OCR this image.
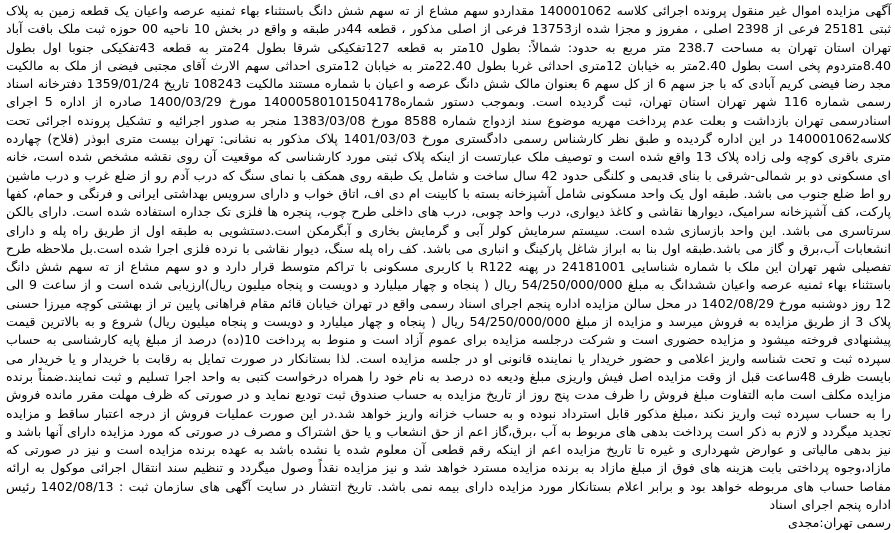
آگهی مزایده اموال غیر منقول پرونده اجرائی کلاسه 140001062 مقداردو سهم مشاع از ته سهم شش دانگ باستثناء بهاء ثمنیه عرصه واعیان یک قطعه زمین به پلاک ثبتی 25181 فرعی از 2398 اصلی ، مفروز و مجزا شده از13753 فرعی از اصلی مذکور ، قطعه 44در طبقه و واقع در بخش 10 ناحیه 00 حوزه ثبت ملک بافت آباد تهران استان تهران به مساحت 238.7 متر مربع به حدود: شمالاً: بطول 10متر به قطعه 127تفکیکی شرقا بطول 24متر به قطعه 43تفکیکی جنوبا اول بطول 8.40متردوم پخی است بطول 2.40متر به خیابان 12متری احداثی غربا بطول 22.40متر به خیابان 12متری احداثی سهم الارث آقای مجتبی فیضی از ملک به مالکیت مجد رضا فیضی کریم آبادی که با جز سهم 6 از کل سهم 6 بعنوان مالک شش دانگ عرصه و اعیان با شماره مستند مالکیت 108243 تاریخ 1359/01/24 دفترخانه اسناد رسمی شماره 116 شهر تهران استان تهران، ثبت گردیده است. وبموجب دستور شماره14000580101504178 مورخ 1400/03/29 صادره از اداره 5 اجرای اسنادرسمی تهران بازداشت و بعلت عدم پرداخت مهریه موضوع سند ازدواج شماره 8588 مورخ 1383/03/08 منجر به صدور اجرائیه و تشکیل پرونده اجرائی تحت کلاسه140001062 در این اداره گردیده و طبق نظر کارشناس رسمی دادگستری مورخ 1401/03/03 پلاک مذکور به نشانی: تهران بیست متری ابوذر (فلاح) چهارده متری باقری کوچه ولی زاده پلاک 13 واقع شده است و توصیف ملک عبارتست از اینکه پلاک ثبتی مورد کارشناسی که موقعیت آن روی نقشه مشخص شده است، خانه ای مسکونی دو بر شمالی-شرقی با بنای قدیمی و کلنگی حدود 42 سال ساخت و شامل یک طبقه روی همکف با نمای سنگ که درب آدم رو از ضلع غرب و درب ماشین رو اط ضلع جنوب می باشد. طبقه اول یک واحد مسکونی شامل آشپزخانه بسته با کابینت ام دی اف، اتاق خواب و دارای سرویس بهداشتی ایرانی و فرنگی و حمام، کفها پارکت، کف آشپزخانه سرامیک، دیوارها نقاشی و کاغذ دیواری، درب واحد چوبی، درب های داخلی طرح چوب، پنجره ها فلزی تک جداره استفاده شده است. دارای بالکن سرتاسری می باشد. این واحد بازسازی شده است. سیستم سرمایش کولر آبی و گرمایش بخاری و آبگرمکن است.دستشویی به طبقه اول از طریق راه پله و دارای انشعابات آب،برق و گاز می باشد.طبقه اول بنا به ابراز شاغل پارکینگ و انباری می باشد. کف راه پله سنگ، دیوار نقاشی با نرده فلزی اجرا شده است.بل ملاحظه طرح تفصیلی شهر تهران این ملک با شماره شناسایی 24181001 در پهنه R122 با کاربری مسکونی با تراکم متوسط قرار دارد و دو سهم مشاع از ته سهم شش دانگ باستثناء بهاء ثمنیه عرصه واعیان ششدانگ به مبلغ 54/250/000/000 ریال ( پنجاه و چهار میلیارد و دویست و پنجاه میلیون ریال)ارزیابی شده است و از ساعت 9 الی 12 روز دوشنبه مورخ 1402/08/29 در محل سالن مزایده اداره پنجم اجرای اسناد رسمی واقع در تهران خیابان قائم مقام فراهانی پایین تر از بهشتی کوچه میرزا حسنی پلاک 3 از طریق مزایده به فروش میرسد و مزایده از مبلغ 54/250/000/000 ریال ( پنجاه و چهار میلیارد و دویست و پنجاه میلیون ریال) شروع و به بالاترین قیمت پیشنهادی فروخته میشود و مزایده حضوری است و شرکت درجلسه مزایده برای عموم آزاد است و منوط به پرداخت 10(ده) درصد از مبلغ پایه کارشناسی به حساب سپرده ثبت و تحت شناسه واریز اعلامی و حضور خریدار یا نماینده قانونی او در جلسه مزایده است. لذا بستانکار در صورت تمایل به رقابت با خریدار و یا خریدار می بایست ظرف 48ساعت قبل از وقت مزایده اصل فیش واریزی مبلغ ودیعه ده درصد به نام خود را همراه درخواست کتبی به واحد اجرا تسلیم و ثبت نمایند.ضمناً برنده مزایده مکلف است مابه التفاوت مبلغ فروش را ظرف مدت پنج روز از تاریخ مزایده به حساب صندوق ثبت تودیع نماید و در صورتی که ظرف مهلت مقرر مانده فروش را به حساب سپرده ثبت واریز نکند ،مبلغ مذکور قابل استرداد نبوده و به حساب خزانه واریز خواهد شد.در این صورت عملیات فروش از درجه اعتبار ساقط و مزایده تجدید میگردد و لازم به ذکر است پرداخت بدهی های مربوط به آب ،برق،گاز اعم از حق انشعاب و یا حق اشتراک و مصرف در صورتی که مورد مزایده دارای آنها باشد و نیز بدهی مالیاتی و عوارض شهرداری و غیره تا تاریخ مزایده اعم از اینکه رقم قطعی آن معلوم شده یا نشده باشد به عهده برنده مزایده است و نیز در صورتی که مازاد،وجوه پرداختی بابت هزینه های فوق از مبلغ مازاد به برنده مزایده مسترد خواهد شد و نیز مزایده نقداً وصول میگردد و تنظیم سند انتقال اجرائی موکول به ارائه مفاصا حساب های مربوطه خواهد بود و برابر اعلام بستانکار مورد مزایده دارای بیمه نمی باشد. تاریخ انتشار در سایت آگهی های سازمان ثبت : 1402/08/13 رئیس اداره پنجم اجرای اسناد

رسمی تهران:مجدی
